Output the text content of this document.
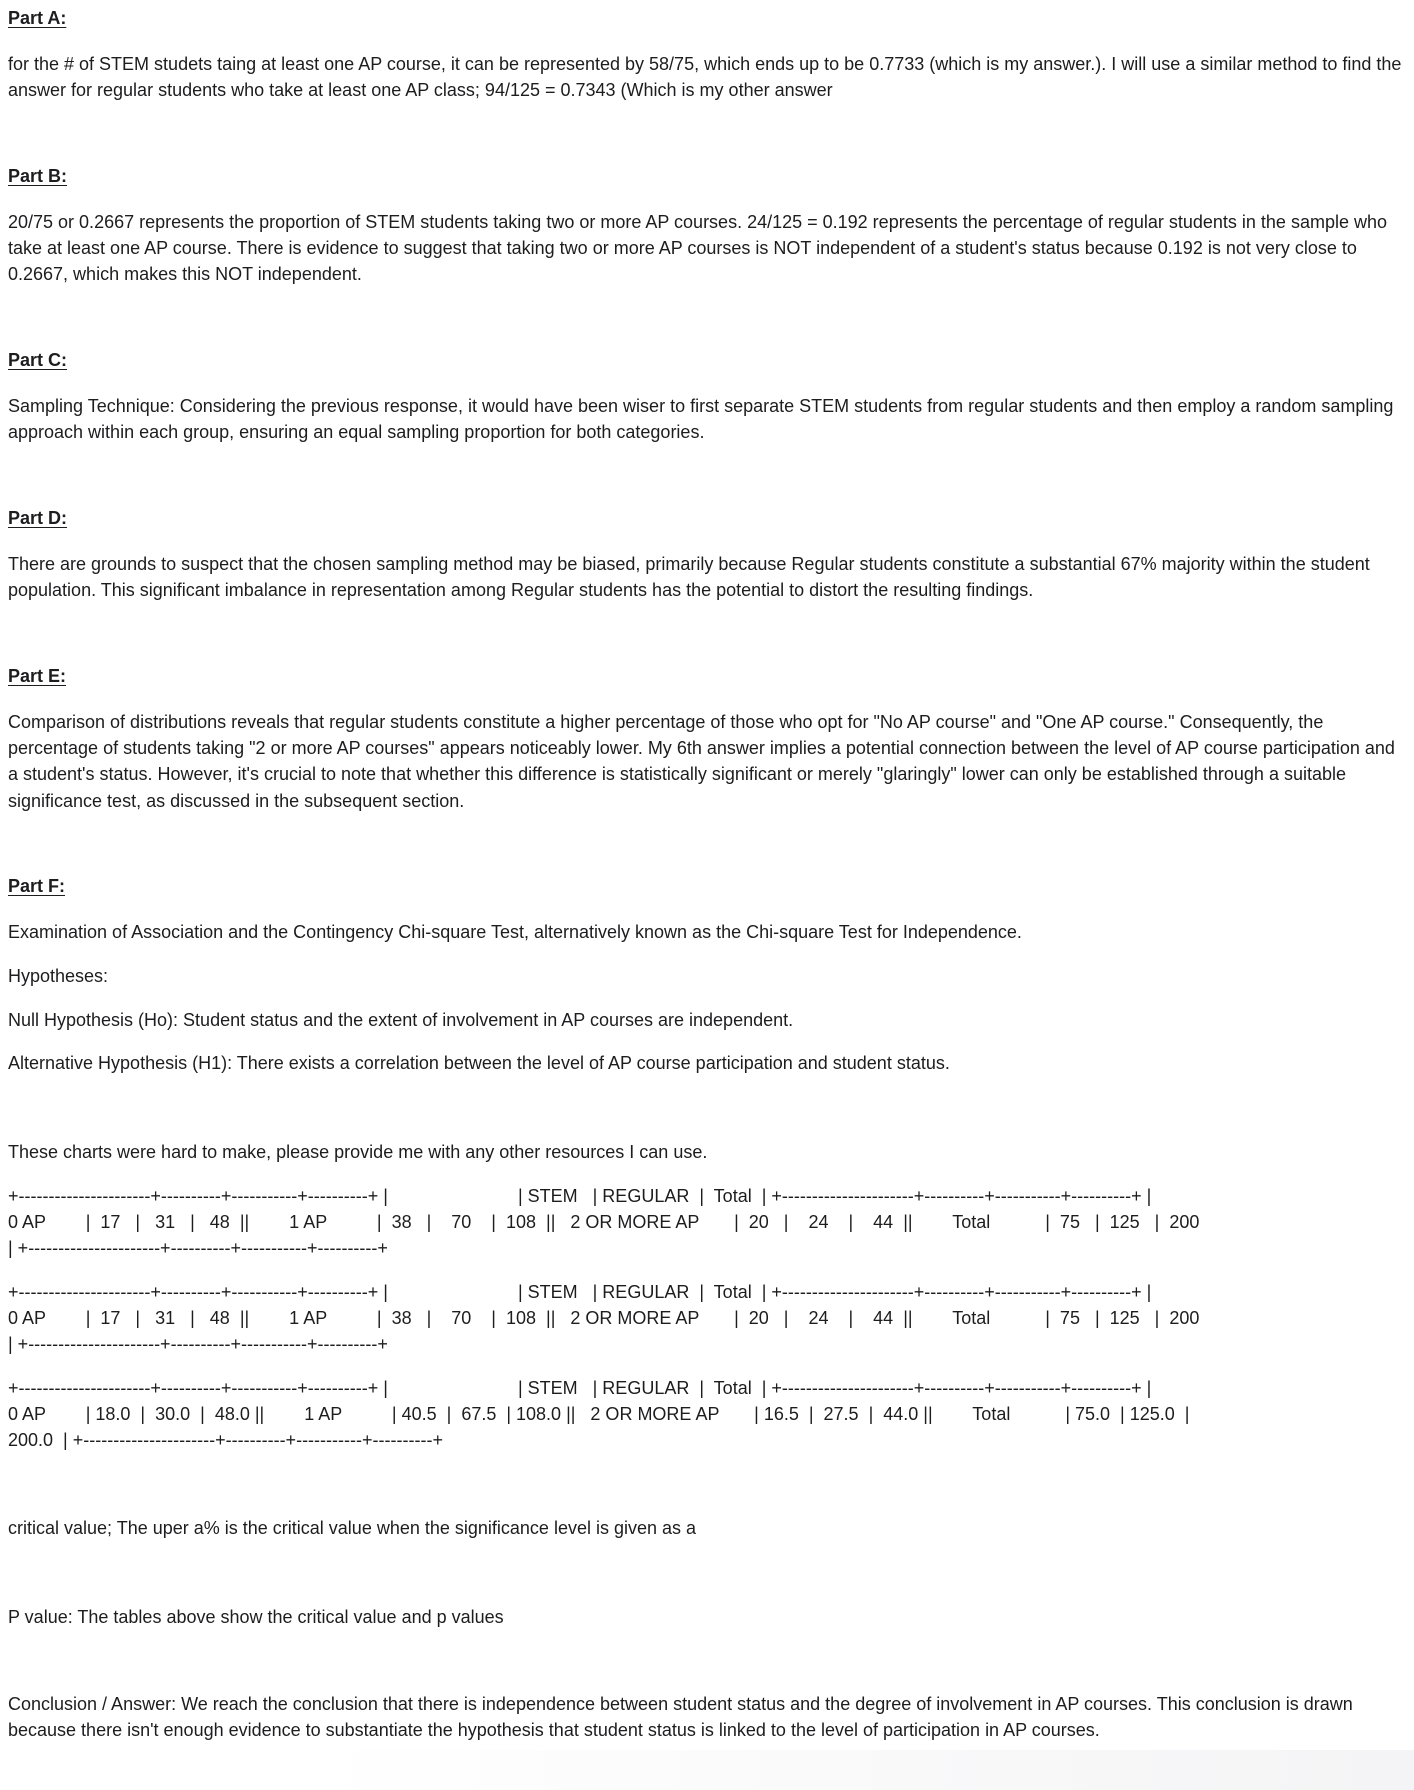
Part A:

for the # of STEM studets taing at least one AP course, it can be represented by 58/75, which ends up to be 0.7733 (which is my answer.). I will use a similar method to find the answer for regular students who take at least one AP class; 94/125 = 0.7343 (Which is my other answer

Part B:

20/75 or 0.2667 represents the proportion of STEM students taking two or more AP courses. 24/125 = 0.192 represents the percentage of regular students in the sample who take at least one AP course. There is evidence to suggest that taking two or more AP courses is NOT independent of a student's status because 0.192 is not very close to 0.2667, which makes this NOT independent.

Part C:

Sampling Technique: Considering the previous response, it would have been wiser to first separate STEM students from regular students and then employ a random sampling approach within each group, ensuring an equal sampling proportion for both categories.

Part D:

There are grounds to suspect that the chosen sampling method may be biased, primarily because Regular students constitute a substantial 67% majority within the student population. This significant imbalance in representation among Regular students has the potential to distort the resulting findings.

Part E:

Comparison of distributions reveals that regular students constitute a higher percentage of those who opt for "No AP course" and "One AP course." Consequently, the percentage of students taking "2 or more AP courses" appears noticeably lower. My 6th answer implies a potential connection between the level of AP course participation and a student's status. However, it's crucial to note that whether this difference is statistically significant or merely "glaringly" lower can only be established through a suitable significance test, as discussed in the subsequent section.

Part F:
Examination of Association and the Contingency Chi-square Test, alternatively known as the Chi-square Test for Independence.
Hypotheses:
Null Hypothesis (Ho): Student status and the extent of involvement in AP courses are independent.
Alternative Hypothesis (H1): There exists a correlation between the level of AP course participation and student status.
These charts were hard to make, please provide me with any other resources I can use.
+----------------------+----------+-----------+----------+ |                          | STEM   | REGULAR  |  Total  | +----------------------+----------+-----------+----------+ |
0 AP        |  17   |   31   |   48  ||        1 AP          |  38   |    70    |  108  ||   2 OR MORE AP       |  20   |    24    |    44  ||        Total           |  75   |  125   |  200
| +----------------------+----------+-----------+----------+
+----------------------+----------+-----------+----------+ |                          | STEM   | REGULAR  |  Total  | +----------------------+----------+-----------+----------+ |
0 AP        |  17   |   31   |   48  ||        1 AP          |  38   |    70    |  108  ||   2 OR MORE AP       |  20   |    24    |    44  ||        Total           |  75   |  125   |  200
| +----------------------+----------+-----------+----------+
+----------------------+----------+-----------+----------+ |                          | STEM   | REGULAR  |  Total  | +----------------------+----------+-----------+----------+ |
0 AP        | 18.0  |  30.0  |  48.0 ||        1 AP          | 40.5  |  67.5  | 108.0 ||   2 OR MORE AP       | 16.5  |  27.5  |  44.0 ||        Total           | 75.0  | 125.0  |
200.0  | +----------------------+----------+-----------+----------+
critical value; The uper a% is the critical value when the significance level is given as a
P value: The tables above show the critical value and p values

Conclusion / Answer: We reach the conclusion that there is independence between student status and the degree of involvement in AP courses. This conclusion is drawn because there isn't enough evidence to substantiate the hypothesis that student status is linked to the level of participation in AP courses.
